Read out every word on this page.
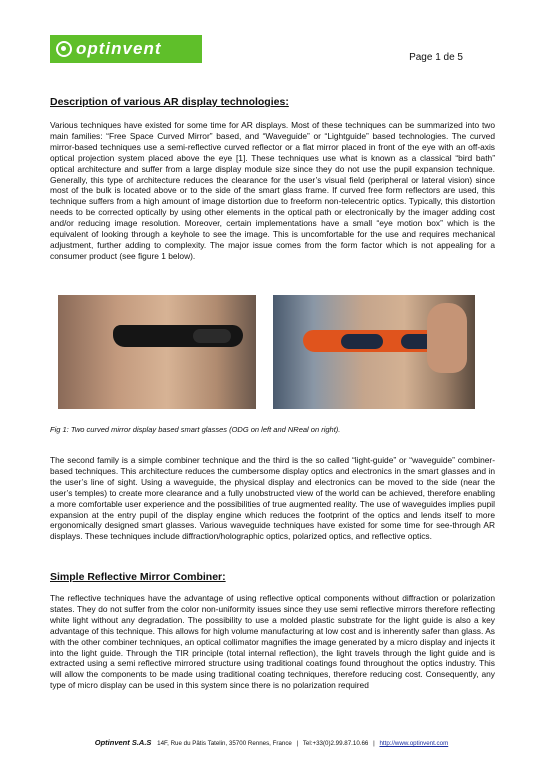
optinvent	Page 1 de 5
Description of various AR display technologies:

Various techniques have existed for some time for AR displays. Most of these techniques can be summarized into two main families: “Free Space Curved Mirror” based, and “Waveguide” or “Lightguide” based technologies. The curved mirror-based techniques use a semi-reflective curved reflector or a flat mirror placed in front of the eye with an off-axis optical projection system placed above the eye [1]. These techniques use what is known as a classical “bird bath” optical architecture and suffer from a large display module size since they do not use the pupil expansion technique. Generally, this type of architecture reduces the clearance for the user’s visual field (peripheral or lateral vision) since most of the bulk is located above or to the side of the smart glass frame. If curved free form reflectors are used, this technique suffers from a high amount of image distortion due to freeform non-telecentric optics. Typically, this distortion needs to be corrected optically by using other elements in the optical path or electronically by the imager adding cost and/or reducing image resolution. Moreover, certain implementations have a small “eye motion box” which is the equivalent of looking through a keyhole to see the image. This is uncomfortable for the use and requires mechanical adjustment, further adding to complexity. The major issue comes from the form factor which is not appealing for a consumer product (see figure 1 below).

Fig 1: Two curved mirror display based smart glasses (ODG on left and NReal on right).

The second family is a simple combiner technique and the third is the so called “light-guide” or “waveguide” combiner-based techniques. This architecture reduces the cumbersome display optics and electronics in the smart glasses and in the user’s line of sight. Using a waveguide, the physical display and electronics can be moved to the side (near the user’s temples) to create more clearance and a fully unobstructed view of the world can be achieved, therefore enabling a more comfortable user experience and the possibilities of true augmented reality. The use of waveguides implies pupil expansion at the entry pupil of the display engine which reduces the footprint of the optics and lends itself to more ergonomically designed smart glasses. Various waveguide techniques have existed for some time for see-through AR displays. These techniques include diffraction/holographic optics, polarized optics, and reflective optics.

Simple Reflective Mirror Combiner:

The reflective techniques have the advantage of using reflective optical components without diffraction or polarization states. They do not suffer from the color non-uniformity issues since they use semi reflective mirrors therefore reflecting white light without any degradation. The possibility to use a molded plastic substrate for the light guide is also a key advantage of this technique. This allows for high volume manufacturing at low cost and is inherently safer than glass. As with the other combiner techniques, an optical collimator magnifies the image generated by a micro display and injects it into the light guide. Through the TIR principle (total internal reflection), the light travels through the light guide and is extracted using a semi reflective mirrored structure using traditional coatings found throughout the optics industry. This will allow the components to be made using traditional coating techniques, therefore reducing cost. Consequently, any type of micro display can be used in this system since there is no polarization required

Optinvent S.A.S 14F, Rue du Pâtis Tatelin, 35700 Rennes, France | Tel:+33(0)2.99.87.10.66 | http://www.optinvent.com
